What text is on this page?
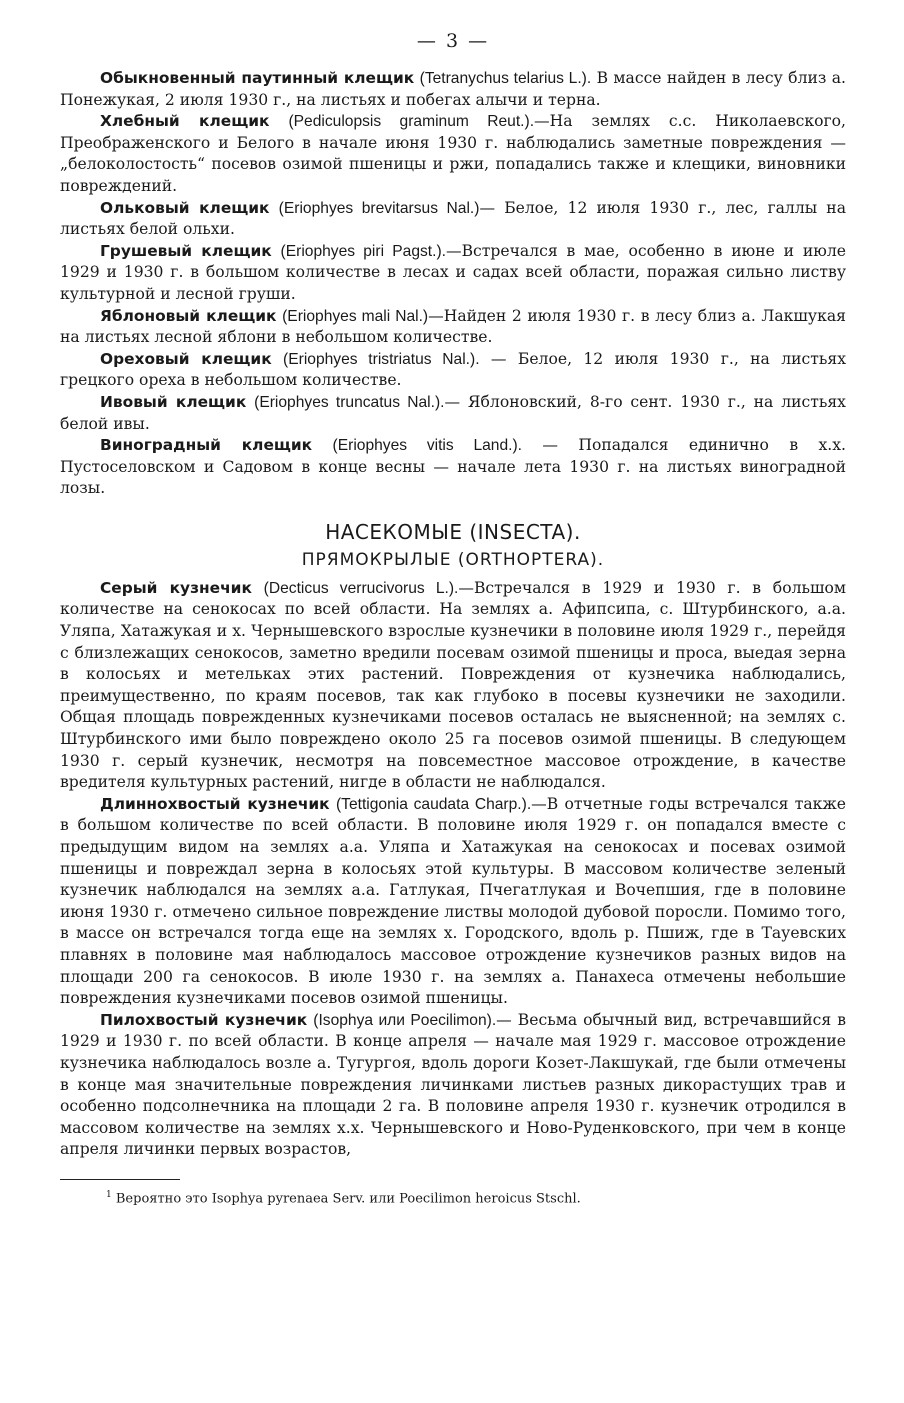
— 3 —

Обыкновенный паутинный клещик (Tetranychus telarius L.). В массе найден в лесу близ а. Понежукая, 2 июля 1930 г., на листьях и побегах алычи и терна.

Хлебный клещик (Pediculopsis graminum Reut.).—На землях с.с. Николаевского, Преображенского и Белого в начале июня 1930 г. наблюдались заметные повреждения — „белоколостость“ посевов озимой пшеницы и ржи, попадались также и клещики, виновники повреждений.

Ольковый клещик (Eriophyes brevitarsus Nal.)— Белое, 12 июля 1930 г., лес, галлы на листьях белой ольхи.

Грушевый клещик (Eriophyes piri Pagst.).—Встречался в мае, особенно в июне и июле 1929 и 1930 г. в большом количестве в лесах и садах всей области, поражая сильно листву культурной и лесной груши.

Яблоновый клещик (Eriophyes mali Nal.)—Найден 2 июля 1930 г. в лесу близ а. Лакшукая на листьях лесной яблони в небольшом количестве.

Ореховый клещик (Eriophyes tristriatus Nal.). — Белое, 12 июля 1930 г., на листьях грецкого ореха в небольшом количестве.

Ивовый клещик (Eriophyes truncatus Nal.).— Яблоновский, 8-го сент. 1930 г., на листьях белой ивы.

Виноградный клещик (Eriophyes vitis Land.). — Попадался единично в х.х. Пустоселовском и Садовом в конце весны — начале лета 1930 г. на листьях виноградной лозы.

НАСЕКОМЫЕ (INSECTA).
ПРЯМОКРЫЛЫЕ (ORTHOPTERA).

Серый кузнечик (Decticus verrucivorus L.).—Встречался в 1929 и 1930 г. в большом количестве на сенокосах по всей области. На землях а. Афипсипа, с. Штурбинского, а.а. Уляпа, Хатажукая и х. Чернышевского взрослые кузнечики в половине июля 1929 г., перейдя с близлежащих сенокосов, заметно вредили посевам озимой пшеницы и проса, выедая зерна в колосьях и метельках этих растений. Повреждения от кузнечика наблюдались, преимущественно, по краям посевов, так как глубоко в посевы кузнечики не заходили. Общая площадь поврежденных кузнечиками посевов осталась не выясненной; на землях с. Штурбинского ими было повреждено около 25 га посевов озимой пшеницы. В следующем 1930 г. серый кузнечик, несмотря на повсеместное массовое отрождение, в качестве вредителя культурных растений, нигде в области не наблюдался.

Длиннохвостый кузнечик (Tettigonia caudata Charp.).—В отчетные годы встречался также в большом количестве по всей области. В половине июля 1929 г. он попадался вместе с предыдущим видом на землях а.а. Уляпа и Хатажукая на сенокосах и посевах озимой пшеницы и повреждал зерна в колосьях этой культуры. В массовом количестве зеленый кузнечик наблюдался на землях а.а. Гатлукая, Пчегатлукая и Вочепшия, где в половине июня 1930 г. отмечено сильное повреждение листвы молодой дубовой поросли. Помимо того, в массе он встречался тогда еще на землях х. Городского, вдоль р. Пшиж, где в Тауевских плавнях в половине мая наблюдалось массовое отрождение кузнечиков разных видов на площади 200 га сенокосов. В июле 1930 г. на землях а. Панахеса отмечены небольшие повреждения кузнечиками посевов озимой пшеницы.

Пилохвостый кузнечик (Isophya или Poecilimon).— Весьма обычный вид, встречавшийся в 1929 и 1930 г. по всей области. В конце апреля — начале мая 1929 г. массовое отрождение кузнечика наблюдалось возле а. Тугургоя, вдоль дороги Козет-Лакшукай, где были отмечены в конце мая значительные повреждения личинками листьев разных дикорастущих трав и особенно подсолнечника на площади 2 га. В половине апреля 1930 г. кузнечик отродился в массовом количестве на землях х.х. Чернышевского и Ново-Руденковского, при чем в конце апреля личинки первых возрастов,

$^1$ Вероятно это Isophya pyrenaea Serv. или Poecilimon heroicus Stschl.
